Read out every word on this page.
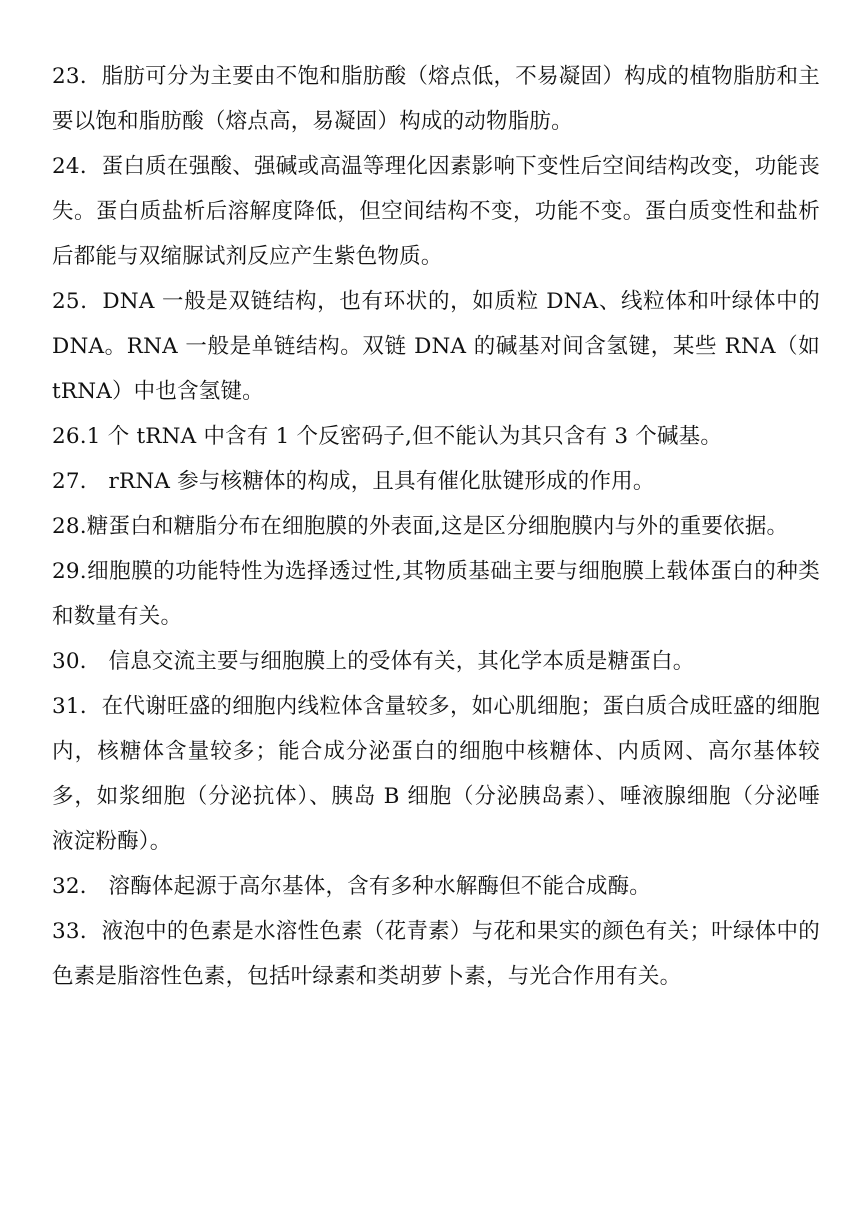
23．脂肪可分为主要由不饱和脂肪酸（熔点低，不易凝固）构成的植物脂肪和主要以饱和脂肪酸（熔点高，易凝固）构成的动物脂肪。

24．蛋白质在强酸、强碱或高温等理化因素影响下变性后空间结构改变，功能丧失。蛋白质盐析后溶解度降低，但空间结构不变，功能不变。蛋白质变性和盐析后都能与双缩脲试剂反应产生紫色物质。

25．DNA 一般是双链结构，也有环状的，如质粒 DNA、线粒体和叶绿体中的 DNA。RNA 一般是单链结构。双链 DNA 的碱基对间含氢键，某些 RNA（如 tRNA）中也含氢键。

26.1 个 tRNA 中含有 1 个反密码子,但不能认为其只含有 3 个碱基。

27． rRNA 参与核糖体的构成，且具有催化肽键形成的作用。

28.糖蛋白和糖脂分布在细胞膜的外表面,这是区分细胞膜内与外的重要依据。

29.细胞膜的功能特性为选择透过性,其物质基础主要与细胞膜上载体蛋白的种类和数量有关。

30． 信息交流主要与细胞膜上的受体有关，其化学本质是糖蛋白。

31．在代谢旺盛的细胞内线粒体含量较多，如心肌细胞；蛋白质合成旺盛的细胞内，核糖体含量较多；能合成分泌蛋白的细胞中核糖体、内质网、高尔基体较多，如浆细胞（分泌抗体）、胰岛 B 细胞（分泌胰岛素）、唾液腺细胞（分泌唾液淀粉酶）。

32． 溶酶体起源于高尔基体，含有多种水解酶但不能合成酶。

33．液泡中的色素是水溶性色素（花青素）与花和果实的颜色有关；叶绿体中的色素是脂溶性色素，包括叶绿素和类胡萝卜素，与光合作用有关。
